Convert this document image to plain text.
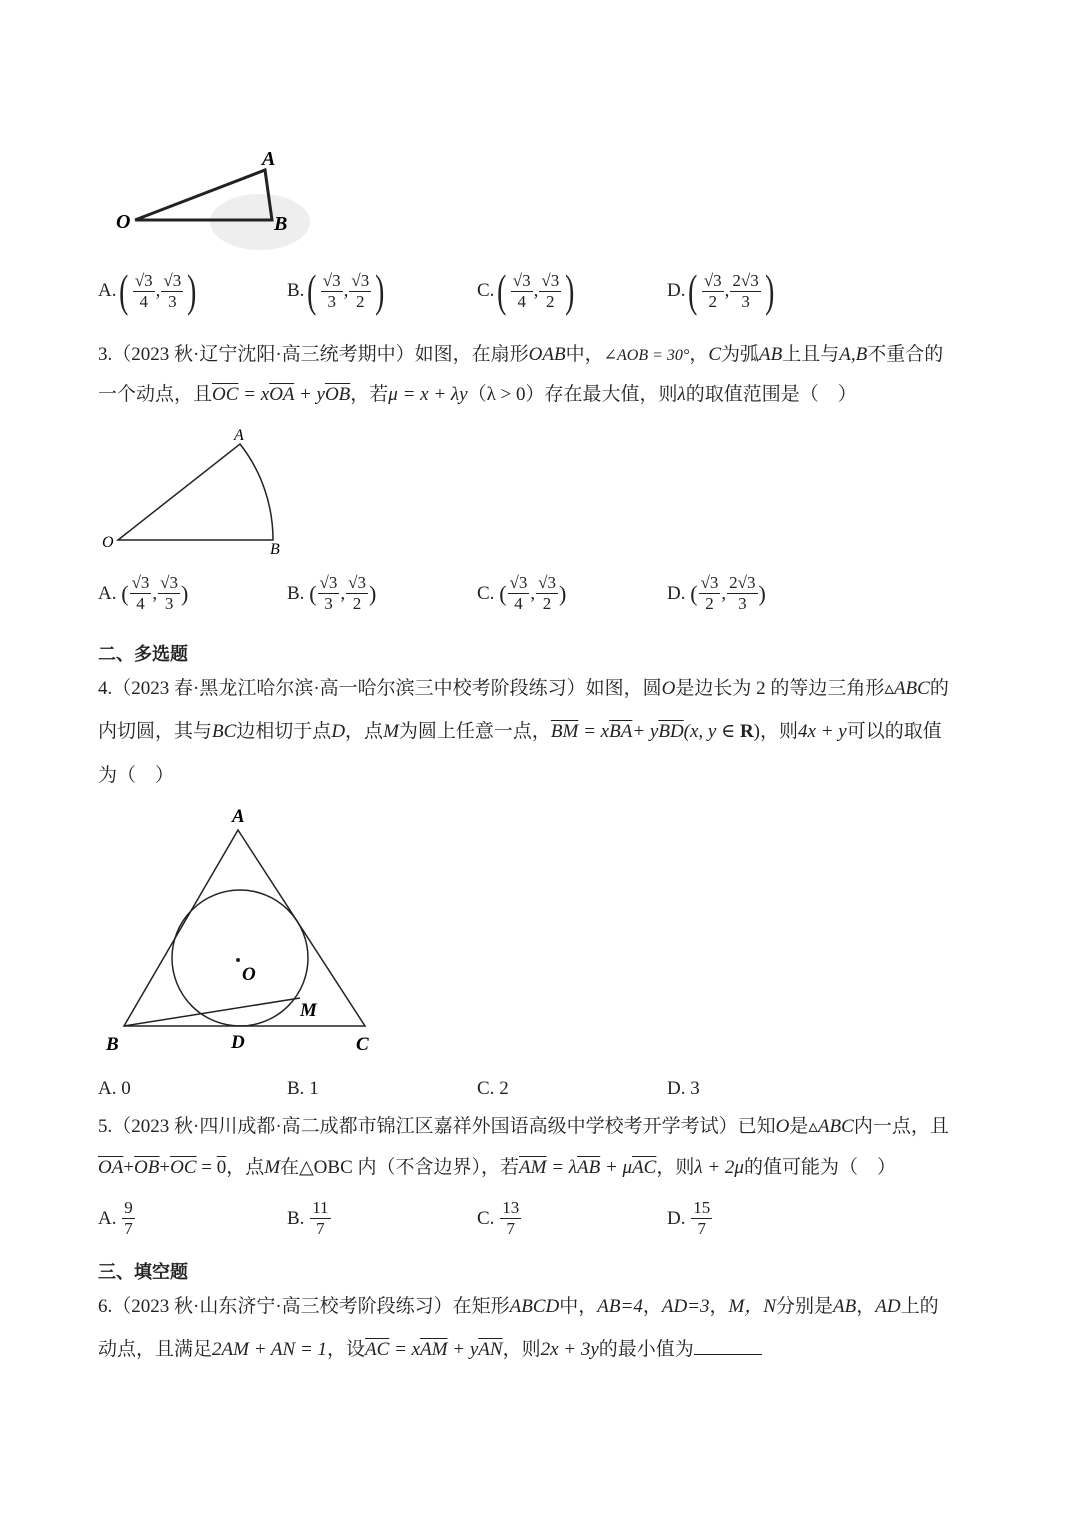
O
A
B
A. ( $\frac{√3}{4}$ , $\frac{√3}{3}$ )	B. ( $\frac{√3}{3}$ , $\frac{√3}{2}$ )	C. ( $\frac{√3}{4}$ , $\frac{√3}{2}$ )	D. ( $\frac{√3}{2}$ , $\frac{2√3}{3}$ )
3.（2023 秋·辽宁沈阳·高三统考期中）如图，在扇形OAB中，∠AOB = 30°，C为弧AB上且与A,B不重合的
一个动点，且$\overline{OC} = x\overline{OA} + y\overline{OB}$，若μ = x + λy（λ > 0）存在最大值，则λ的取值范围是（　）
O
A
B
A.
( $\frac{√3}{4}$ , $\frac{√3}{3}$ )	B.
( $\frac{√3}{3}$ , $\frac{√3}{2}$ )	C.
( $\frac{√3}{4}$ , $\frac{√3}{2}$ )	D.
( $\frac{√3}{2}$ , $\frac{2√3}{3}$ )
二、多选题
4.（2023 春·黑龙江哈尔滨·高一哈尔滨三中校考阶段练习）如图，圆O是边长为 2 的等边三角形▵ABC的
内切圆，其与BC边相切于点D，点M为圆上任意一点，$\overline{BM} = x\overline{BA}+ y\overline{BD}(x$, y ∈ R)，则4x + y可以的取值
为（　）
A
O
M
B	D	C
A.
0	B.
1	C.
2	D.
3
5.（2023 秋·四川成都·高二成都市锦江区嘉祥外国语高级中学校考开学考试）已知O是▵ABC内一点，且
$\overline{OA}+\overline{OB}+\overline{OC} = 0$，点M在△OBC 内（不含边界），若$\overline{AM} = \lambda\overline{AB} + \mu\overline{AC}$，则λ + 2μ的值可能为（　）
A.
$\frac{9}{7}$	B.
$\frac{11}{7}$	C.
$\frac{13}{7}$	D.
$\frac{15}{7}$
三、填空题
6.（2023 秋·山东济宁·高三校考阶段练习）在矩形ABCD中，AB=4，AD=3，M，N分别是AB，AD上的
动点，且满足2AM + AN = 1，设$\overline{AC} = x\overline{AM} + y\overline{AN}$，则2x + 3y的最小值为
